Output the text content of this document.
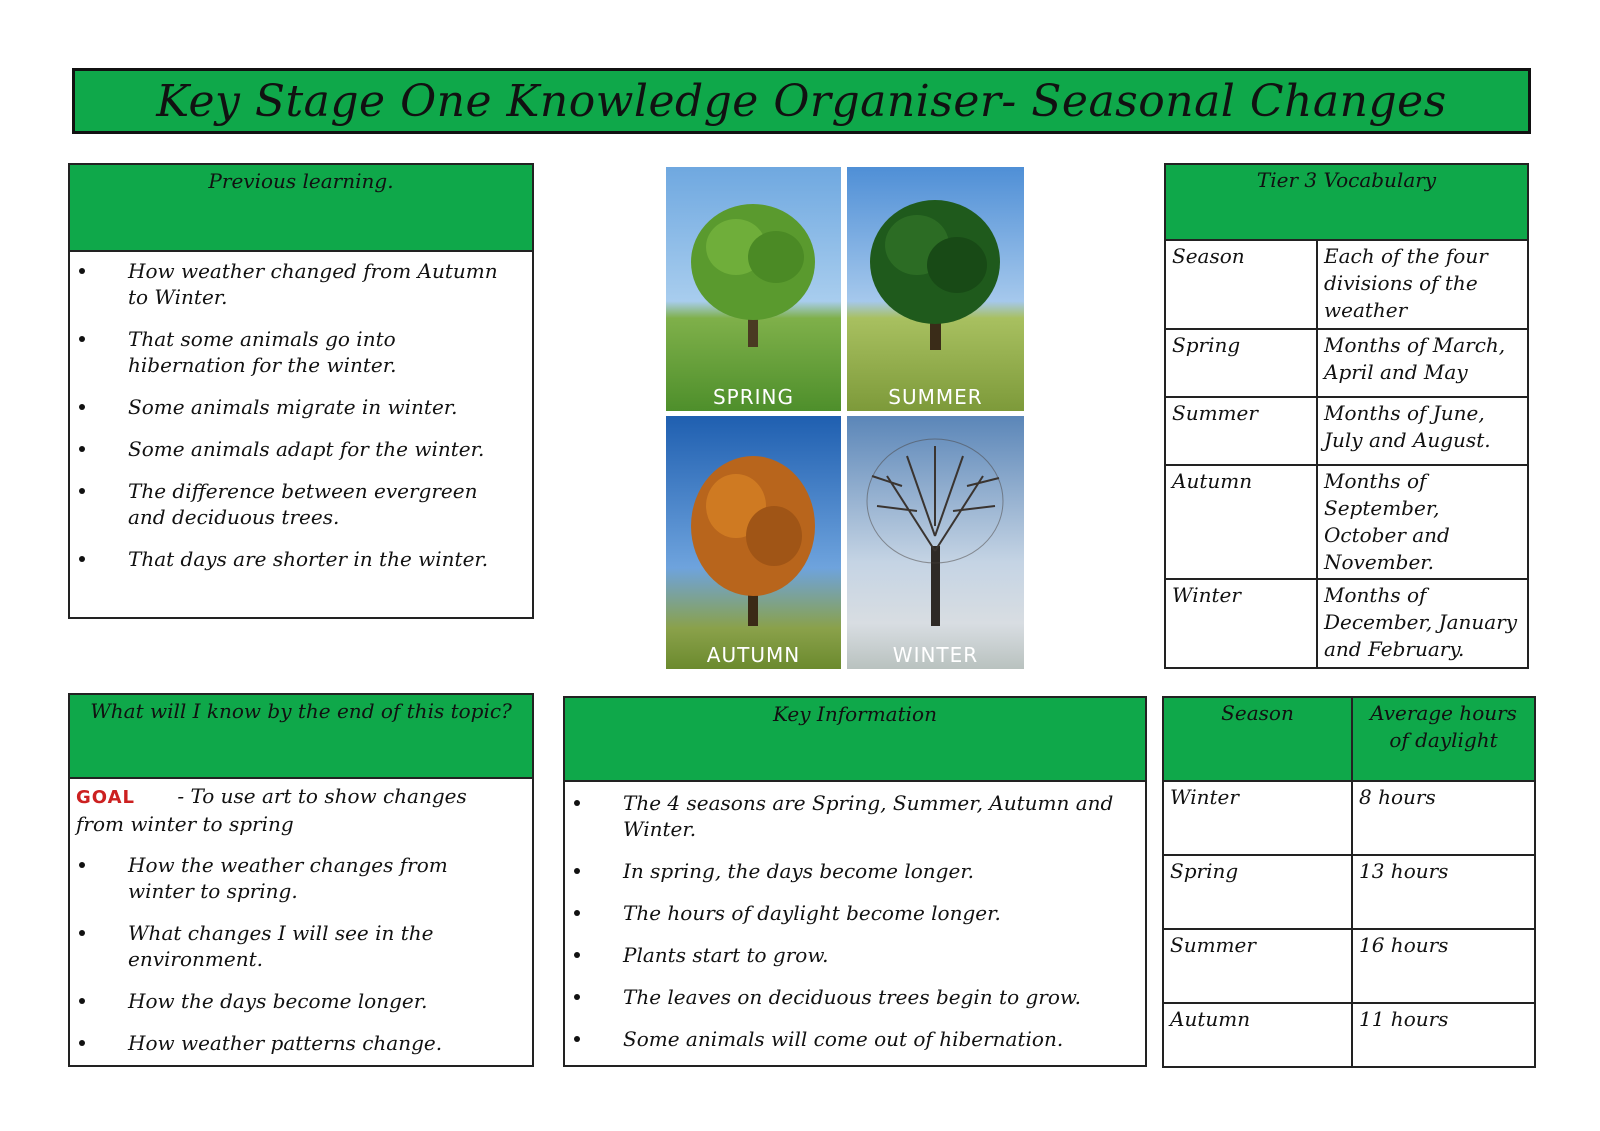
Key Stage One Knowledge Organiser- Seasonal Changes
Previous learning.
How weather changed from Autumn to Winter.
That some animals go into hibernation for the winter.
Some animals migrate in winter.
Some animals adapt for the winter.
The difference between evergreen and deciduous trees.
That days are shorter in the winter.
SPRING	SUMMER
AUTUMN	WINTER
Tier 3 Vocabulary	
Season	Each of the four divisions of the weather
Spring	Months of March, April and May
Summer	Months of June, July and August.
Autumn	Months of September, October and November.
Winter	Months of December, January and February.
What will I know by the end of this topic?
GOAL - To use art to show changes from winter to spring
How the weather changes from winter to spring.
What changes I will see in the environment.
How the days become longer.
How weather patterns change.
Key Information
The 4 seasons are Spring, Summer, Autumn and Winter.
In spring, the days become longer.
The hours of daylight become longer.
Plants start to grow.
The leaves on deciduous trees begin to grow.
Some animals will come out of hibernation.
Season	Average hours of daylight
Winter	8 hours
Spring	13 hours
Summer	16 hours
Autumn	11 hours
